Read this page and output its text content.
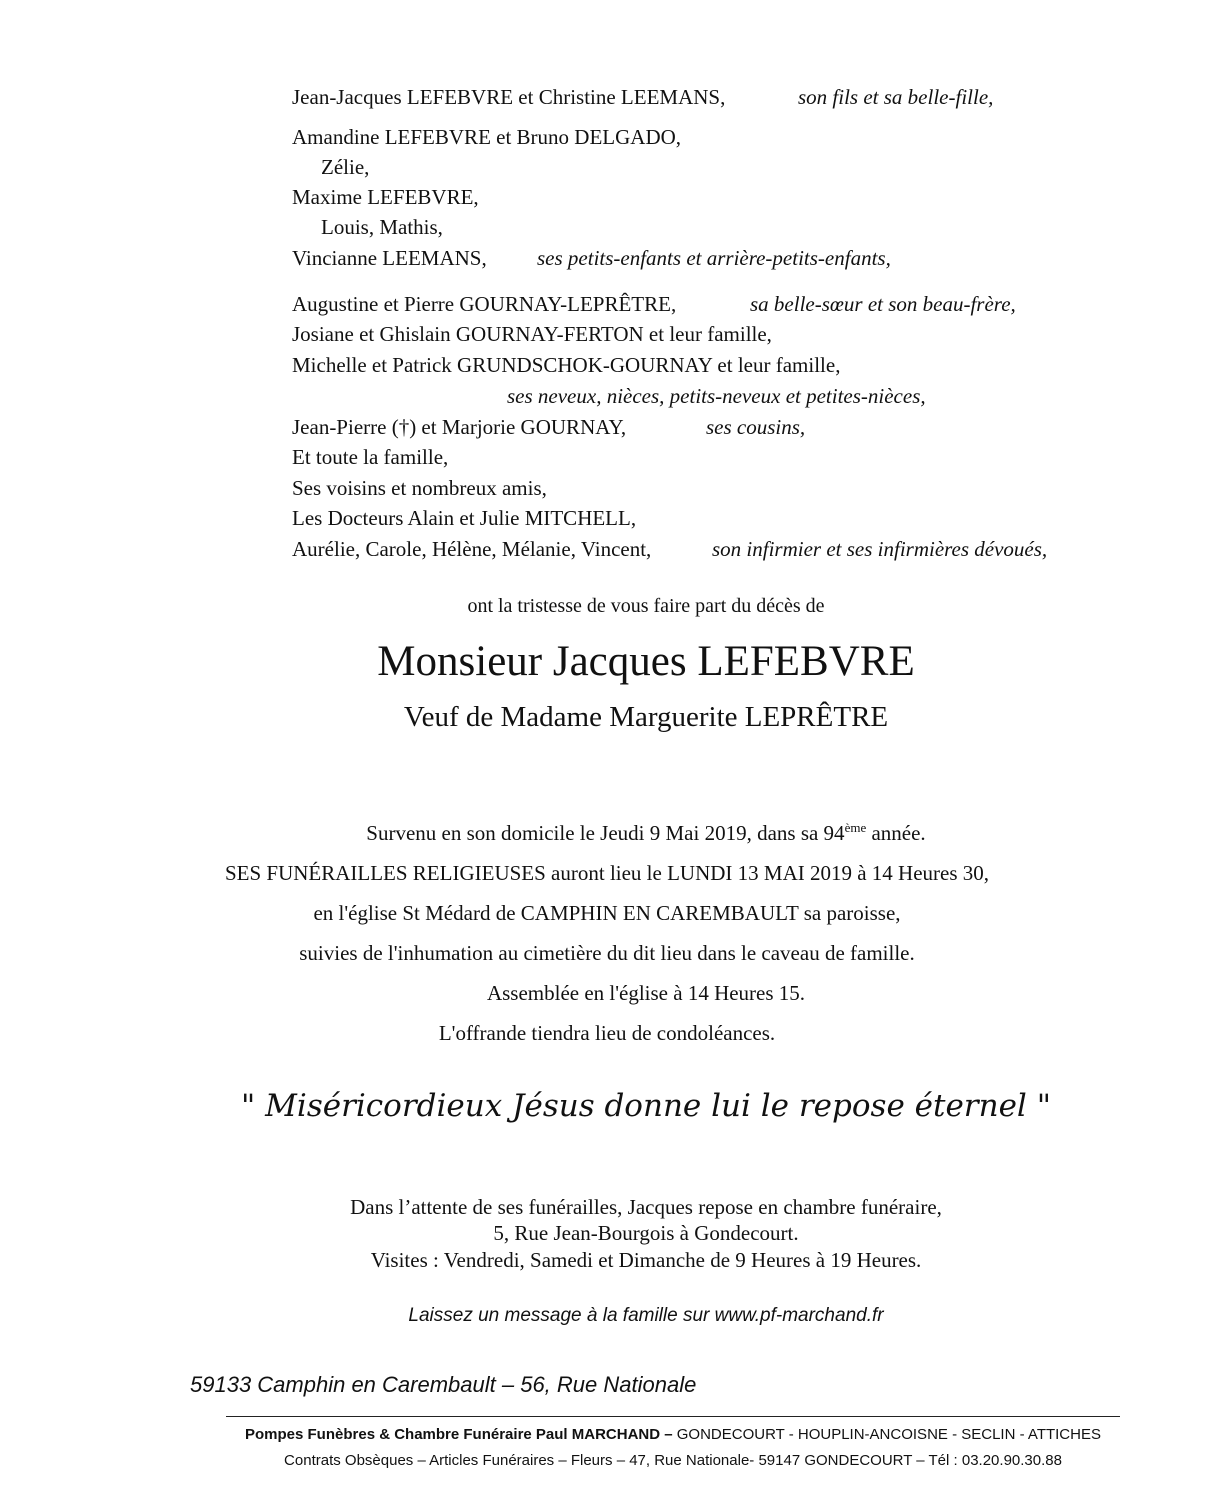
Jean-Jacques LEFEBVRE et Christine LEEMANS,	son fils et sa belle-fille,
Amandine LEFEBVRE et Bruno DELGADO,
Zélie,
Maxime LEFEBVRE,
Louis, Mathis,
Vincianne LEEMANS, ses petits-enfants et arrière-petits-enfants,
Augustine et Pierre GOURNAY-LEPRÊTRE,	sa belle-sœur et son beau-frère,
Josiane et Ghislain GOURNAY-FERTON et leur famille,
Michelle et Patrick GRUNDSCHOK-GOURNAY et leur famille,
ses neveux, nièces, petits-neveux et petites-nièces,
Jean-Pierre (†) et Marjorie GOURNAY,	ses cousins,
Et toute la famille,
Ses voisins et nombreux amis,
Les Docteurs Alain et Julie MITCHELL,
Aurélie, Carole, Hélène, Mélanie, Vincent,	son infirmier et ses infirmières dévoués,
ont la tristesse de vous faire part du décès de
Monsieur Jacques LEFEBVRE
Veuf de Madame Marguerite LEPRÊTRE
Survenu en son domicile le Jeudi 9 Mai 2019, dans sa 94ème année.
SES FUNÉRAILLES RELIGIEUSES auront lieu le LUNDI 13 MAI 2019 à 14 Heures 30,
en l'église St Médard de CAMPHIN EN CAREMBAULT sa paroisse,
suivies de l'inhumation au cimetière du dit lieu dans le caveau de famille.
Assemblée en l'église à 14 Heures 15.
L'offrande tiendra lieu de condoléances.
" Miséricordieux Jésus donne lui le repose éternel "
Dans l’attente de ses funérailles, Jacques repose en chambre funéraire,
5, Rue Jean-Bourgois à Gondecourt.
Visites : Vendredi, Samedi et Dimanche de 9 Heures à 19 Heures.
Laissez un message à la famille sur www.pf-marchand.fr
59133 Camphin en Carembault – 56, Rue Nationale
Pompes Funèbres & Chambre Funéraire Paul MARCHAND – GONDECOURT - HOUPLIN-ANCOISNE - SECLIN - ATTICHES
Contrats Obsèques – Articles Funéraires – Fleurs – 47, Rue Nationale- 59147 GONDECOURT – Tél : 03.20.90.30.88
